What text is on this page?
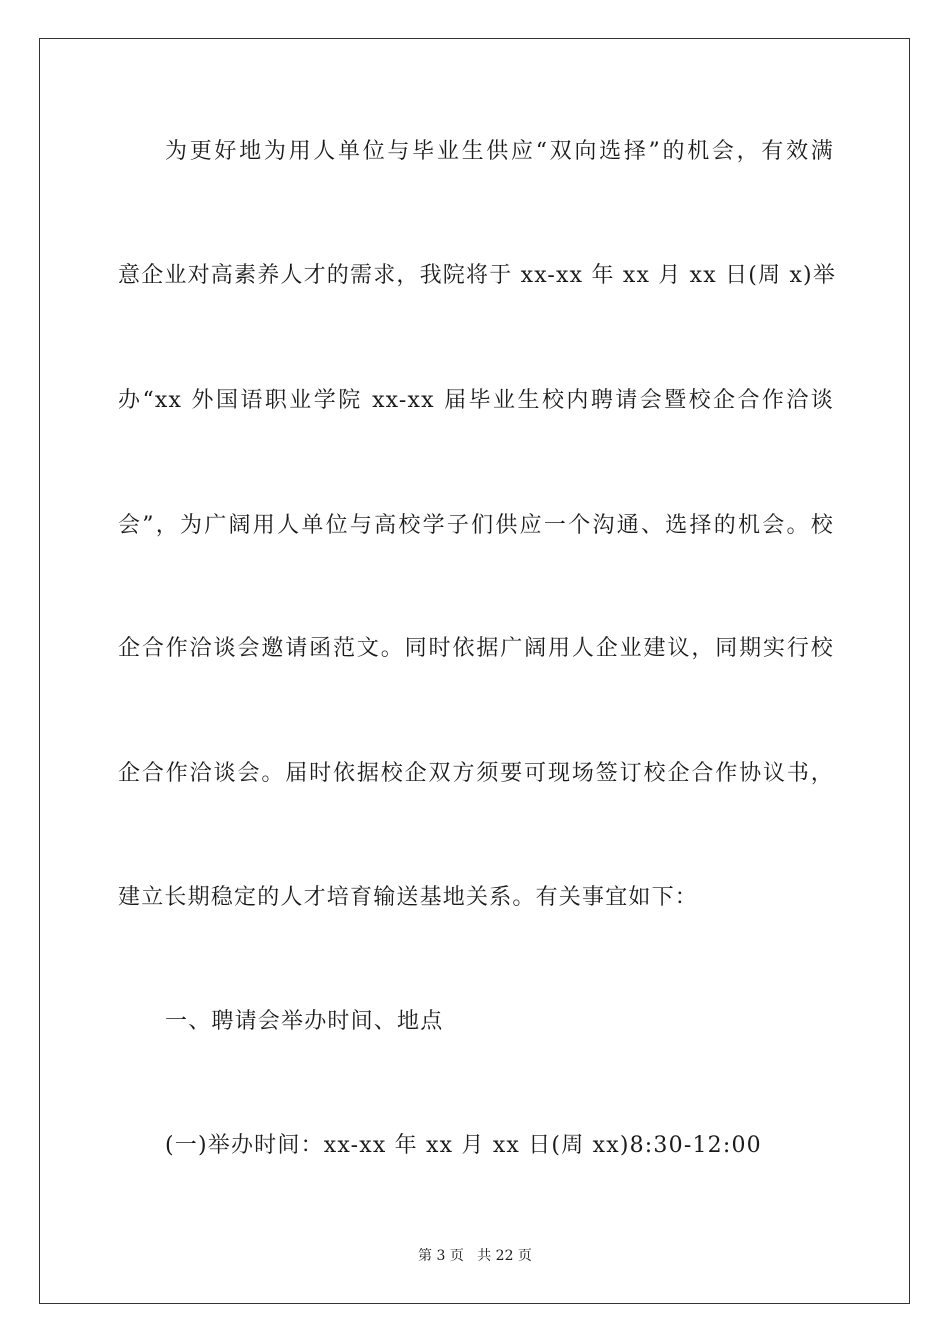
为更好地为用人单位与毕业生供应“双向选择”的机会，有效满
意企业对高素养人才的需求，我院将于 xx-xx 年 xx 月 xx 日(周 x)举
办“xx 外国语职业学院 xx-xx 届毕业生校内聘请会暨校企合作洽谈
会”，为广阔用人单位与高校学子们供应一个沟通、选择的机会。校
企合作洽谈会邀请函范文。同时依据广阔用人企业建议，同期实行校
企合作洽谈会。届时依据校企双方须要可现场签订校企合作协议书，
建立长期稳定的人才培育输送基地关系。有关事宜如下：
一、聘请会举办时间、地点
(一)举办时间：xx-xx 年 xx 月 xx 日(周 xx)8:30-12:00
第 3 页 共 22 页
